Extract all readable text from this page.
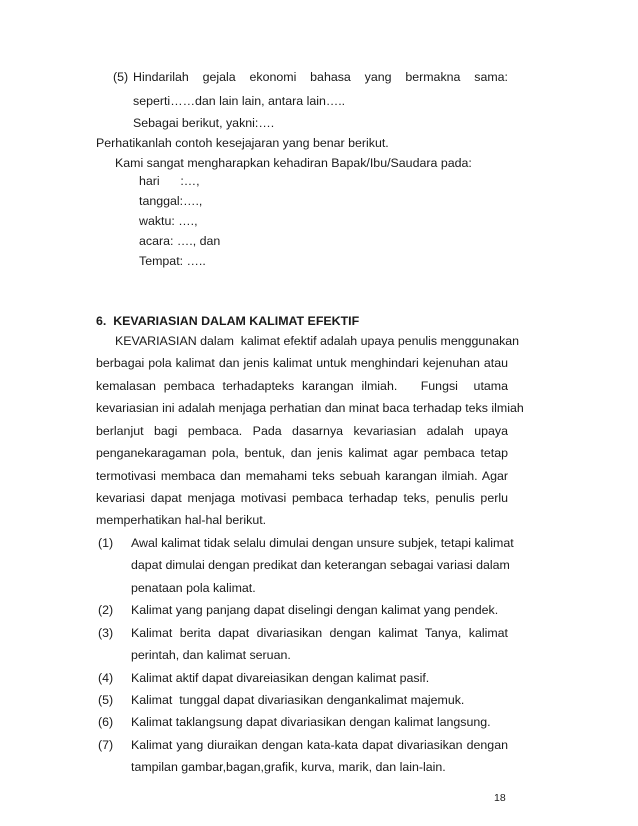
(5) Hindarilah gejala ekonomi bahasa yang bermakna sama:
seperti……dan lain lain, antara lain…..
Sebagai berikut, yakni:….
Perhatikanlah contoh kesejajaran yang benar berikut.
Kami sangat mengharapkan kehadiran Bapak/Ibu/Saudara pada:
hari      :…,
tanggal:….,
waktu: ….,
acara: …., dan
Tempat: …..
6.  KEVARIASIAN DALAM KALIMAT EFEKTIF
KEVARIASIAN dalam  kalimat efektif adalah upaya penulis menggunakan
berbagai pola kalimat dan jenis kalimat untuk menghindari kejenuhan atau
kemalasan pembaca terhadapteks karangan ilmiah.   Fungsi  utama
kevariasian ini adalah menjaga perhatian dan minat baca terhadap teks ilmiah
berlanjut bagi pembaca. Pada dasarnya kevariasian adalah upaya
penganekaragaman pola, bentuk, dan jenis kalimat agar pembaca tetap
termotivasi membaca dan memahami teks sebuah karangan ilmiah. Agar
kevariasi dapat menjaga motivasi pembaca terhadap teks, penulis perlu
memperhatikan hal-hal berikut.
(1) Awal kalimat tidak selalu dimulai dengan unsure subjek, tetapi kalimat
dapat dimulai dengan predikat dan keterangan sebagai variasi dalam
penataan pola kalimat.
(2) Kalimat yang panjang dapat diselingi dengan kalimat yang pendek.
(3) Kalimat berita dapat divariasikan dengan kalimat Tanya, kalimat
perintah, dan kalimat seruan.
(4) Kalimat aktif dapat divareiasikan dengan kalimat pasif.
(5) Kalimat  tunggal dapat divariasikan dengankalimat majemuk.
(6) Kalimat taklangsung dapat divariasikan dengan kalimat langsung.
(7) Kalimat yang diuraikan dengan kata-kata dapat divariasikan dengan
tampilan gambar,bagan,grafik, kurva, marik, dan lain-lain.
18
